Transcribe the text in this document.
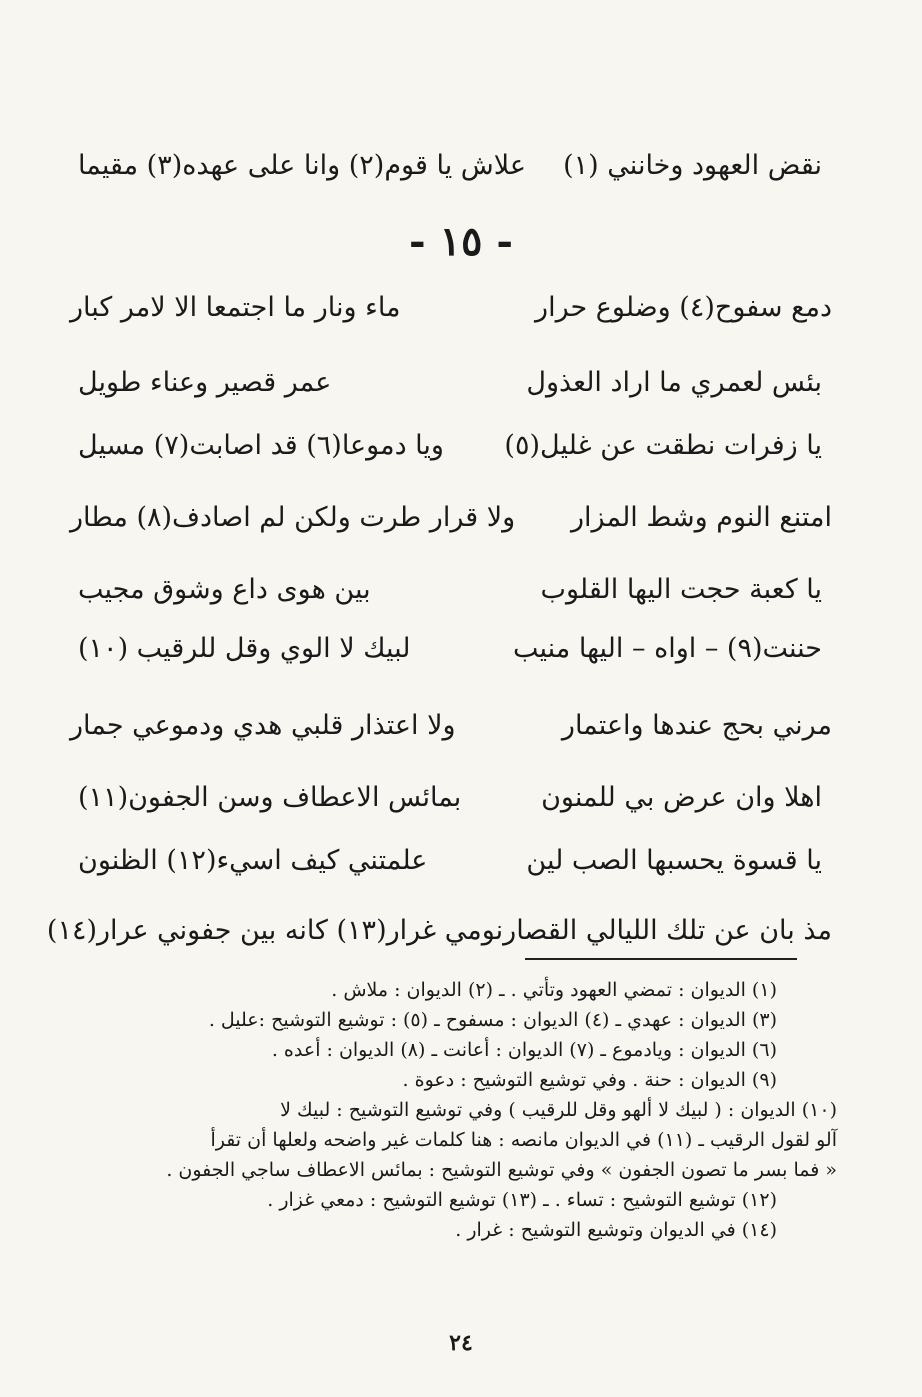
نقض العهود وخانني (١)
علاش يا قوم(٢) وانا على عهده(٣) مقيما
- ١٥ -
دمع سفوح(٤) وضلوع حرار
ماء ونار ما اجتمعا الا لامر كبار
بئس لعمري ما اراد العذول
عمر قصير وعناء طويل
يا زفرات نطقت عن غليل(٥)
ويا دموعا(٦) قد اصابت(٧) مسيل
امتنع النوم وشط المزار
ولا قرار طرت ولكن لم اصادف(٨) مطار
يا كعبة حجت اليها القلوب
بين هوى داع وشوق مجيب
حننت(٩) – اواه – اليها منيب
لبيك لا الوي وقل للرقيب (١٠)
مرني بحج عندها واعتمار
ولا اعتذار قلبي هدي ودموعي جمار
اهلا وان عرض بي للمنون
بمائس الاعطاف وسن الجفون(١١)
يا قسوة يحسبها الصب لين
علمتني كيف اسيء(١٢) الظنون
مذ بان عن تلك الليالي القصار
نومي غرار(١٣) كانه بين جفوني عرار(١٤)
(١) الديوان : تمضي العهود وتأتي . ـ (٢) الديوان : ملاش .
(٣) الديوان : عهدي ـ (٤) الديوان : مسفوح ـ (٥) : توشيع التوشيح :عليل .
(٦) الديوان : ويادموع ـ (٧) الديوان : أعانت ـ (٨) الديوان : أعده .
(٩) الديوان : حنة . وفي توشيع التوشيح : دعوة .
(١٠) الديوان : ( لبيك لا ألهو وقل للرقيب ) وفي توشيع التوشيح : لبيك لا
آلو لقول الرقيب ـ (١١) في الديوان مانصه : هنا كلمات غير واضحه ولعلها أن تقرأ
« فما بسر ما تصون الجفون » وفي توشيع التوشيح : بمائس الاعطاف ساجي الجفون .
(١٢) توشيع التوشيح : تساء . ـ (١٣) توشيع التوشيح : دمعي غزار .
(١٤) في الديوان وتوشيع التوشيح : غرار .
٢٤
